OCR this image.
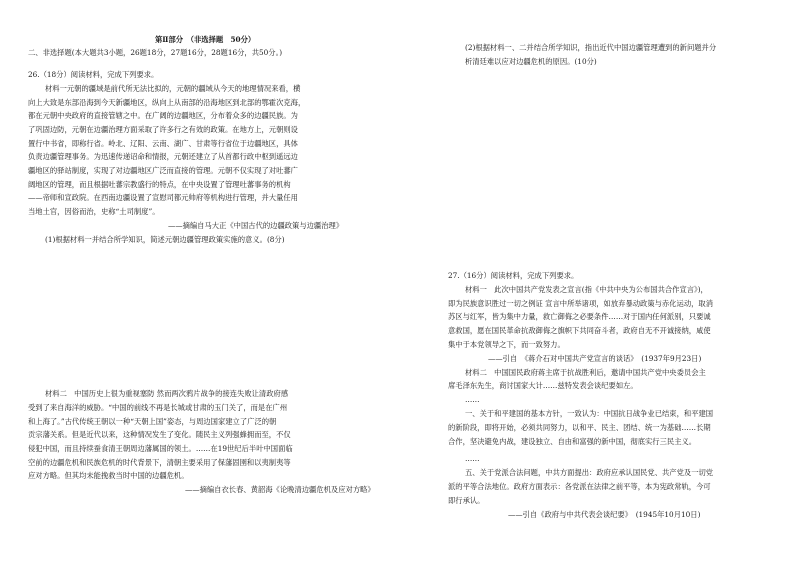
第Ⅱ部分　（非选择题　50分）
二、非选择题(本大题共3小题，26题18分，27题16分，28题16分，共50分。)
26.（18分）阅读材料，完成下列要求。
材料一元朝的疆域是前代所无法比拟的，元朝的疆域从今天的地理情况来看，横
向上大致是东部沿海到今天新疆地区，纵向上从南部的沿海地区到北部的鄂霍次克海，
都在元朝中央政府的直接管辖之中。在广阔的边疆地区，分布着众多的边疆民族。为
了巩固边防，元朝在边疆治理方面采取了许多行之有效的政策。在地方上，元朝则设
置行中书省，即称行省。岭北、辽阳、云南、湖广、甘肃等行省位于边疆地区，具体
负责边疆管理事务。为迅速传递诏命和情报，元朝还建立了从首都行政中枢到遥远边
疆地区的驿站制度，实现了对边疆地区广泛而直接的管理。元朝不仅实现了对吐蕃广
阔地区的管理，而且根据吐蕃宗教盛行的特点，在中央设置了管理吐蕃事务的机构
——帝师和宣政院。在西南边疆设置了宣慰司都元帅府等机构进行管理，并大量任用
当地土官，因俗而治，史称“土司制度”。
——摘编自马大正《中国古代的边疆政策与边疆治理》
(1)根据材料一并结合所学知识，简述元朝边疆管理政策实施的意义。(8分)
材料二　中国历史上很为重视塞防 然而两次鸦片战争的接连失败让清政府感
受到了来自海洋的威胁。“中国的前线不再是长城或甘肃的玉门关了，而是在广州
和上海了。”古代传统王朝以一种“天朝上国”姿态，与周边国家建立了广泛的朝
贡宗藩关系。但是近代以来，这种情况发生了变化。随民主义列强蜂拥而至，不仅
侵犯中国，而且持续蚕食清王朝周边藩属国的领土。……在19世纪后半叶中国面临
空前的边疆危机和民族危机的时代背景下，清朝主要采用了保藩固圉和以夷制夷等
应对方略。但其均未能挽救当时中国的边疆危机。
——摘编自衣长春、黄韶海《论晚清边疆危机及应对方略》
(2)根据材料一、二并结合所学知识，指出近代中国边疆管理遭到的新问题并分
析清廷难以应对边疆危机的原因。(10分)
27.（16分）阅读材料，完成下列要求。
材料一　此次中国共产党发表之宣言(指《中共中央为公布国共合作宣言》)，
即为民族意识胜过一切之例证 宣言中所举诸项，如放弃暴动政策与赤化运动，取消
苏区与红军，皆为集中力量，救亡御侮之必要条件……对于国内任何派别，只要诚
意救国，愿在国民革命抗敌御侮之旗帜下共同奋斗者，政府自无不开诚接纳，咸使
集中于本党领导之下，而一致努力。
——引自　《蒋介石对中国共产党宣言的谈话》　(1937年9月23日)
材料二　中国国民政府蒋主席于抗战胜利后，邀请中国共产党中央委员会主
席毛泽东先生，商讨国家大计……兹特发表会谈纪要如左。
……
一、关于和平建国的基本方针，一致认为：中国抗日战争业已结束，和平建国
的新阶段，即将开始，必须共同努力，以和平、民主、团结、统一为基础……长期
合作，坚决避免内战，建设独立、自由和富强的新中国，彻底实行三民主义。
……
五、关于党派合法问题，中共方面提出：政府应承认国民党、共产党及一切党
派的平等合法地位。政府方面表示：各党派在法律之前平等，本为宪政常轨，今可
即行承认。
——引自《政府与中共代表会谈纪要》　(1945年10月10日)
